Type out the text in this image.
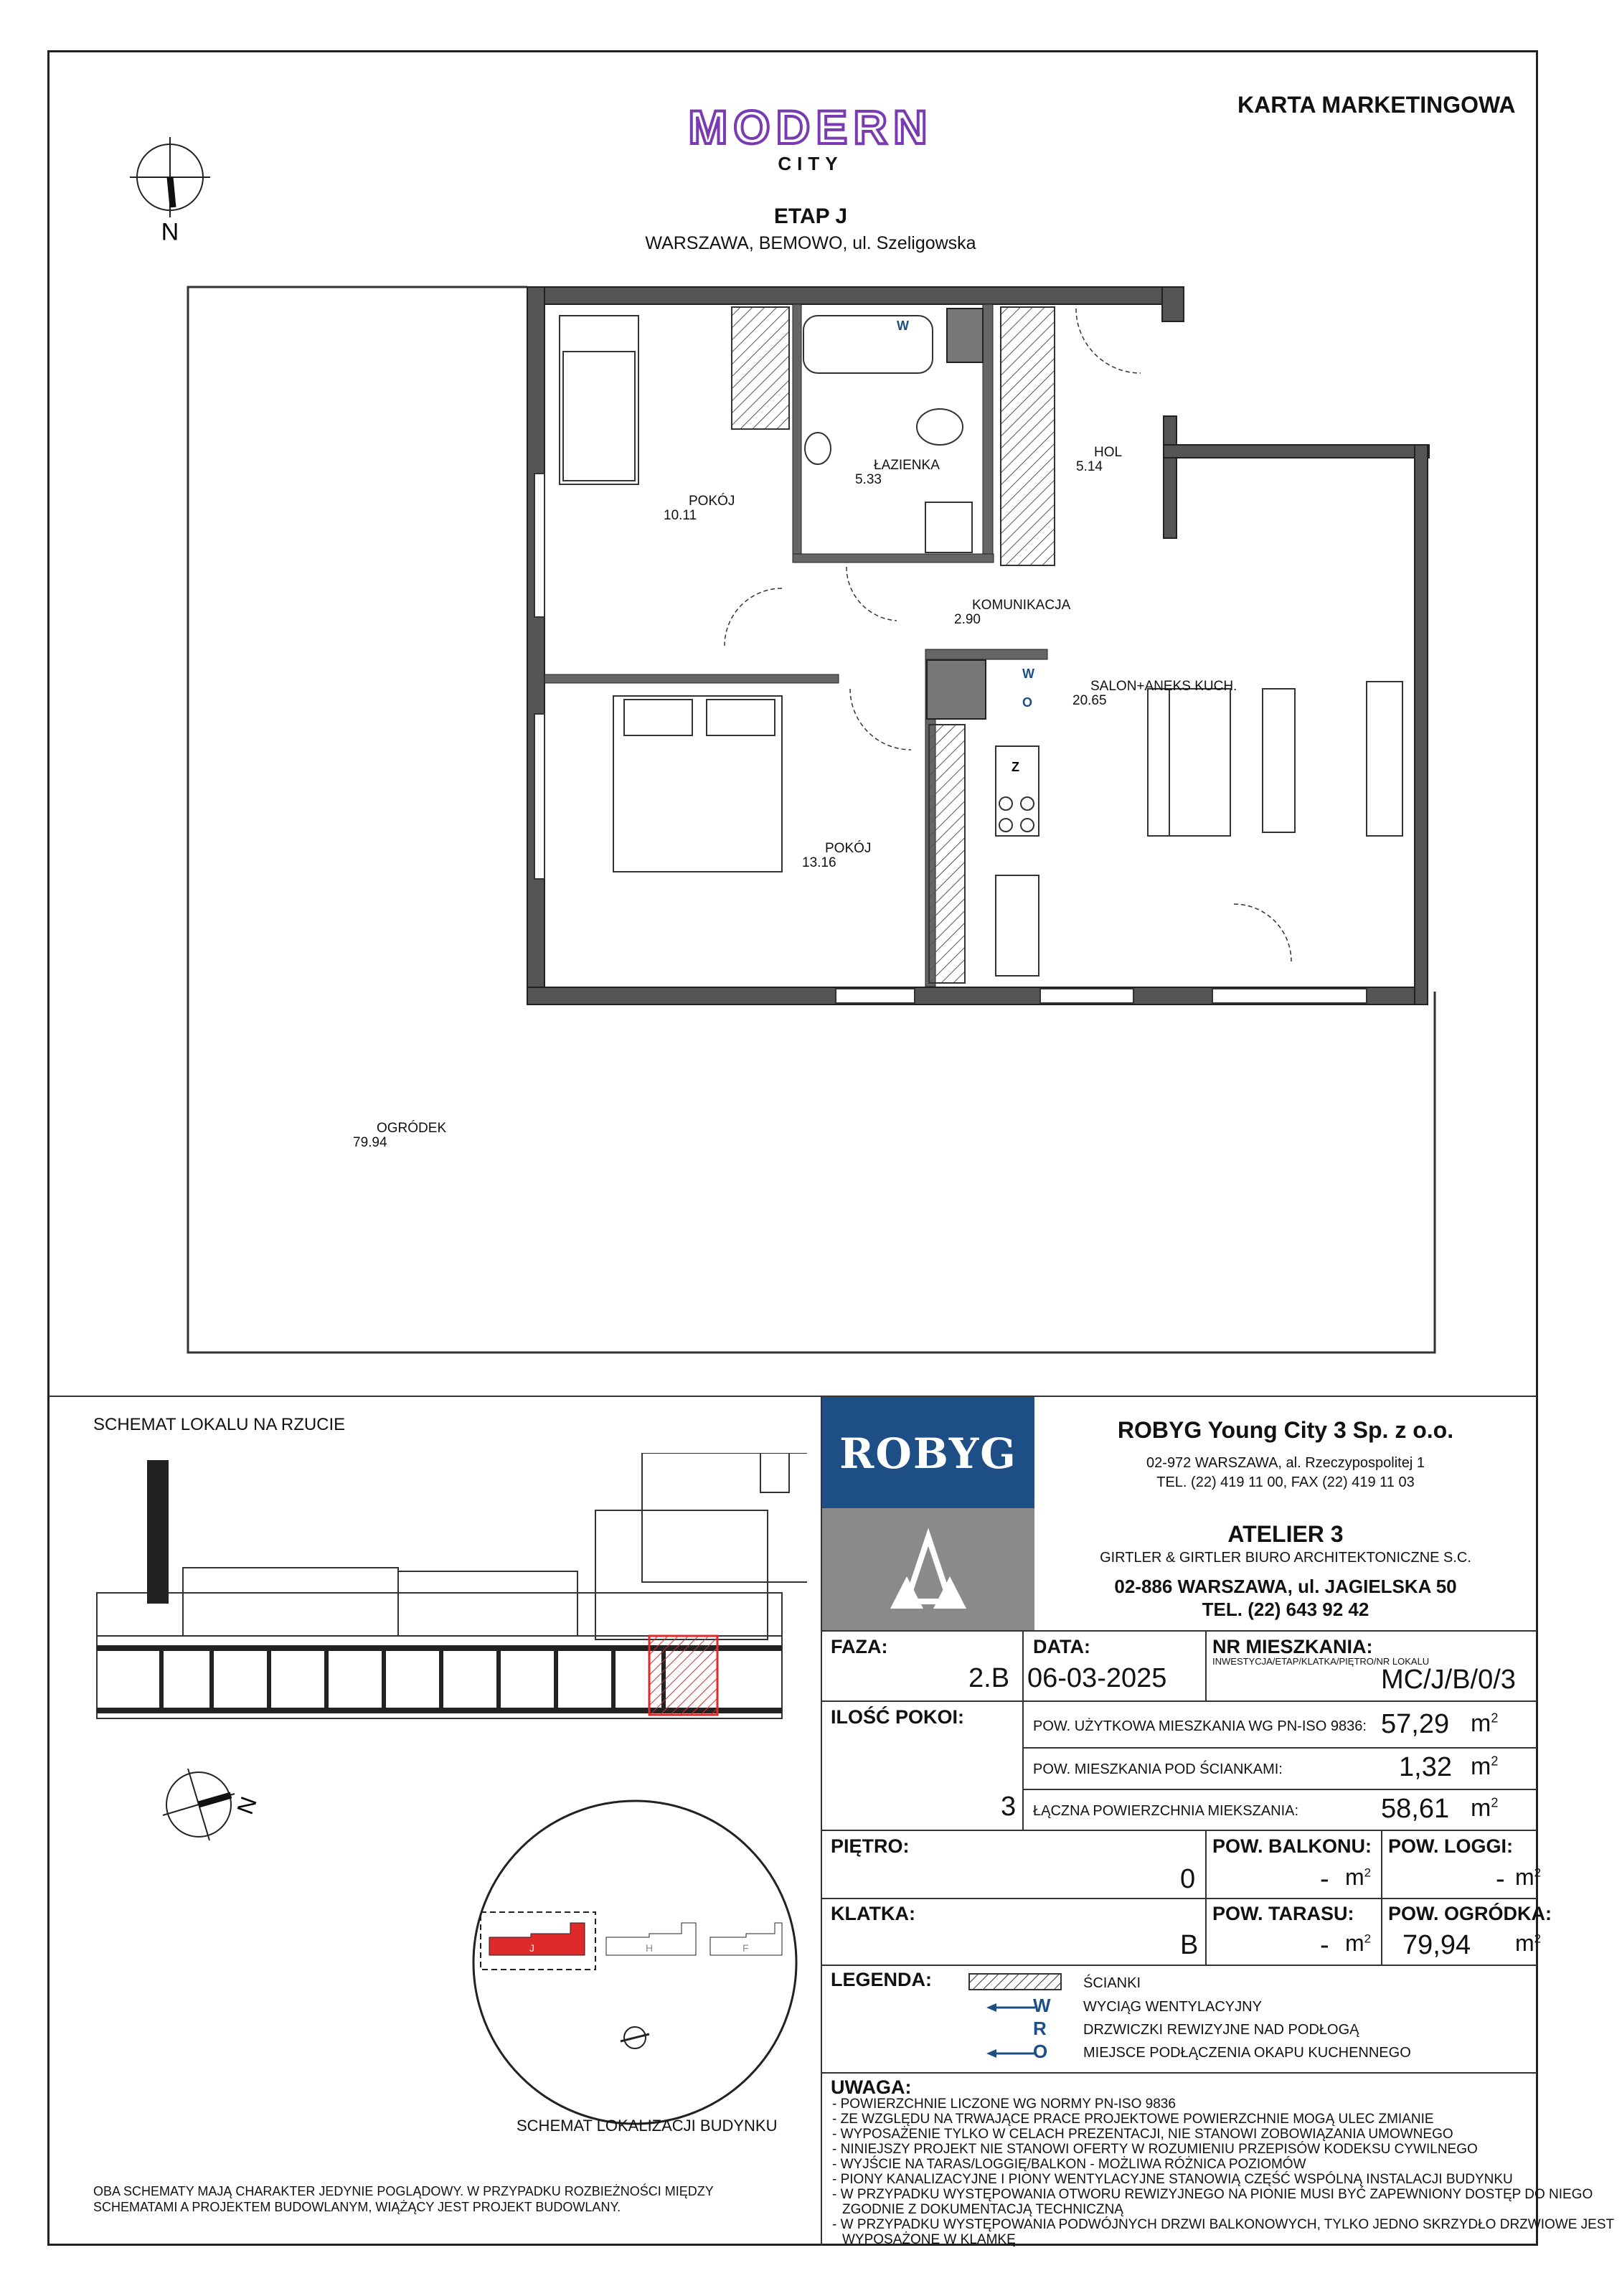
KARTA MARKETINGOWA
MODERN
CITY
ETAP J
WARSZAWA, BEMOWO, ul. Szeligowska
N
W
W
O
Z
POKÓJ
10.11
ŁAZIENKA
5.33
HOL
5.14
KOMUNIKACJA
2.90
SALON+ANEKS KUCH.
20.65
POKÓJ
13.16
OGRÓDEK
79.94
SCHEMAT LOKALU NA RZUCIE
N
J	H	F
SCHEMAT LOKALIZACJI BUDYNKU
OBA SCHEMATY MAJĄ CHARAKTER JEDYNIE POGLĄDOWY. W PRZYPADKU ROZBIEŻNOŚCI MIĘDZY SCHEMATAMI A PROJEKTEM BUDOWLANYM, WIĄŻĄCY JEST PROJEKT BUDOWLANY.
ROBYG	ROBYG Young City 3 Sp. z o.o.
02-972 WARSZAWA, al. Rzeczypospolitej 1
TEL. (22) 419 11 00, FAX (22) 419 11 03
ATELIER 3
GIRTLER & GIRTLER BIURO ARCHITEKTONICZNE S.C.
02-886 WARSZAWA, ul. JAGIELSKA 50
TEL. (22) 643 92 42
FAZA:
2.B
DATA:
06-03-2025
NR MIESZKANIA:
INWESTYCJA/ETAP/KLATKA/PIĘTRO/NR LOKALU
MC/J/B/0/3
ILOŚĆ POKOI:
3
POW. UŻYTKOWA MIESZKANIA WG PN-ISO 9836: 57,29 $m^2$
POW. MIESZKANIA POD ŚCIANKAMI:	1,32 $m^2$
ŁĄCZNA POWIERZCHNIA MIEKSZANIA:	58,61 $m^2$
PIĘTRO:
0
POW. BALKONU:
- $m^2$
POW. LOGGI:
- $m^2$
KLATKA:
B
POW. TARASU:
- $m^2$
POW. OGRÓDKA:
79,94 $m^2$
LEGENDA:	ŚCIANKI
W WYCIĄG WENTYLACYJNY
R	DRZWICZKI REWIZYJNE NAD PODŁOGĄ
O MIEJSCE PODŁĄCZENIA OKAPU KUCHENNEGO
UWAGA:
- POWIERZCHNIE LICZONE WG NORMY PN-ISO 9836
- ZE WZGLĘDU NA TRWAJĄCE PRACE PROJEKTOWE POWIERZCHNIE MOGĄ ULEC ZMIANIE
- WYPOSAŻENIE TYLKO W CELACH PREZENTACJI, NIE STANOWI ZOBOWIĄZANIA UMOWNEGO
- NINIEJSZY PROJEKT NIE STANOWI OFERTY W ROZUMIENIU PRZEPISÓW KODEKSU CYWILNEGO
- WYJŚCIE NA TARAS/LOGGIĘ/BALKON - MOŻLIWA RÓŻNICA POZIOMÓW
- PIONY KANALIZACYJNE I PIONY WENTYLACYJNE STANOWIĄ CZĘŚĆ WSPÓLNĄ INSTALACJI BUDYNKU
- W PRZYPADKU WYSTĘPOWANIA OTWORU REWIZYJNEGO NA PIONIE MUSI BYĆ ZAPEWNIONY DOSTĘP DO NIEGO
ZGODNIE Z DOKUMENTACJĄ TECHNICZNĄ
- W PRZYPADKU WYSTĘPOWANIA PODWÓJNYCH DRZWI BALKONOWYCH, TYLKO JEDNO SKRZYDŁO DRZWIOWE JEST
WYPOSAŻONE W KLAMKĘ
